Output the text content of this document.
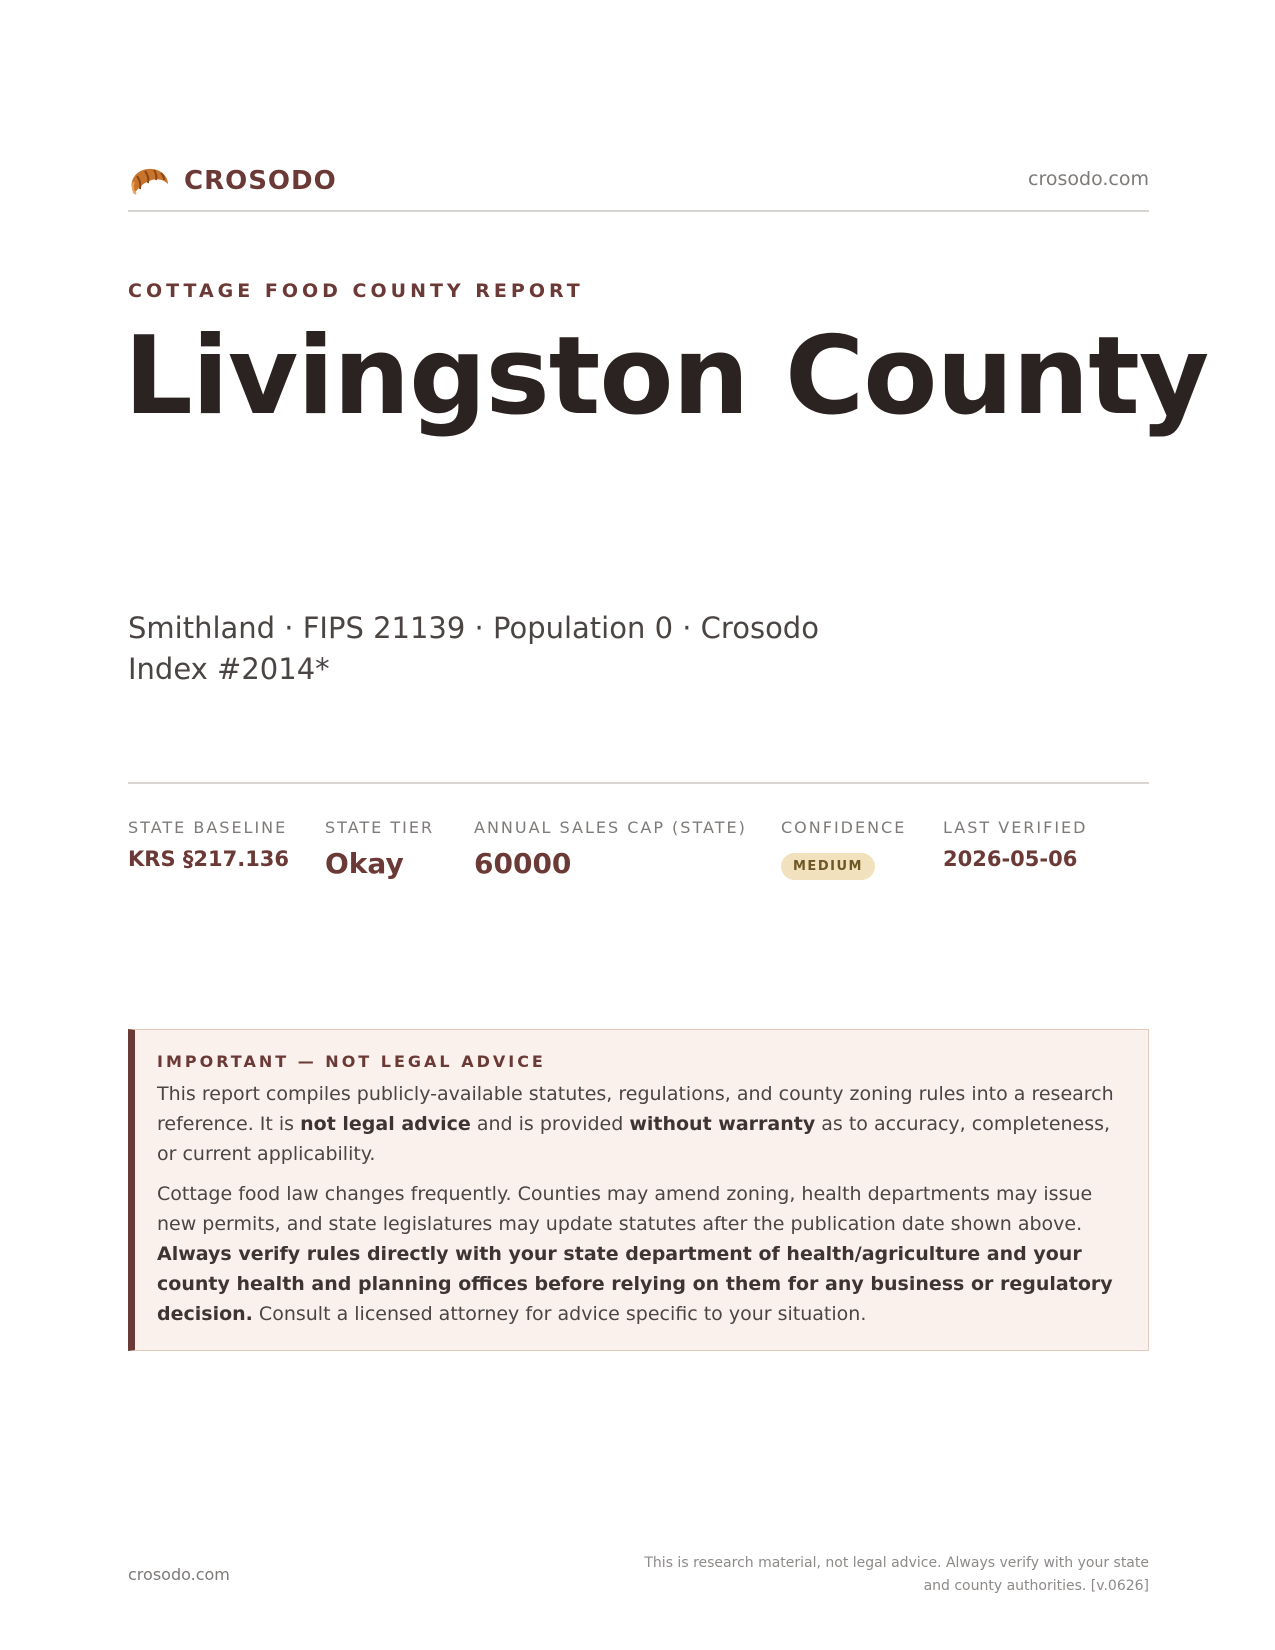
CROSODO	crosodo.com
COTTAGE FOOD COUNTY REPORT
Livingston County
Smithland · FIPS 21139 · Population 0 · Crosodo Index #2014*
STATE BASELINE
KRS §217.136
STATE TIER
Okay
ANNUAL SALES CAP (STATE)
60000
CONFIDENCE
MEDIUM
LAST VERIFIED
2026-05-06
IMPORTANT — NOT LEGAL ADVICE

This report compiles publicly-available statutes, regulations, and county zoning rules into a research reference. It is not legal advice and is provided without warranty as to accuracy, completeness, or current applicability.

Cottage food law changes frequently. Counties may amend zoning, health departments may issue new permits, and state legislatures may update statutes after the publication date shown above. Always verify rules directly with your state department of health/agriculture and your county health and planning offices before relying on them for any business or regulatory decision. Consult a licensed attorney for advice specific to your situation.

crosodo.com
This is research material, not legal advice. Always verify with your state
and county authorities. [v.0626]
